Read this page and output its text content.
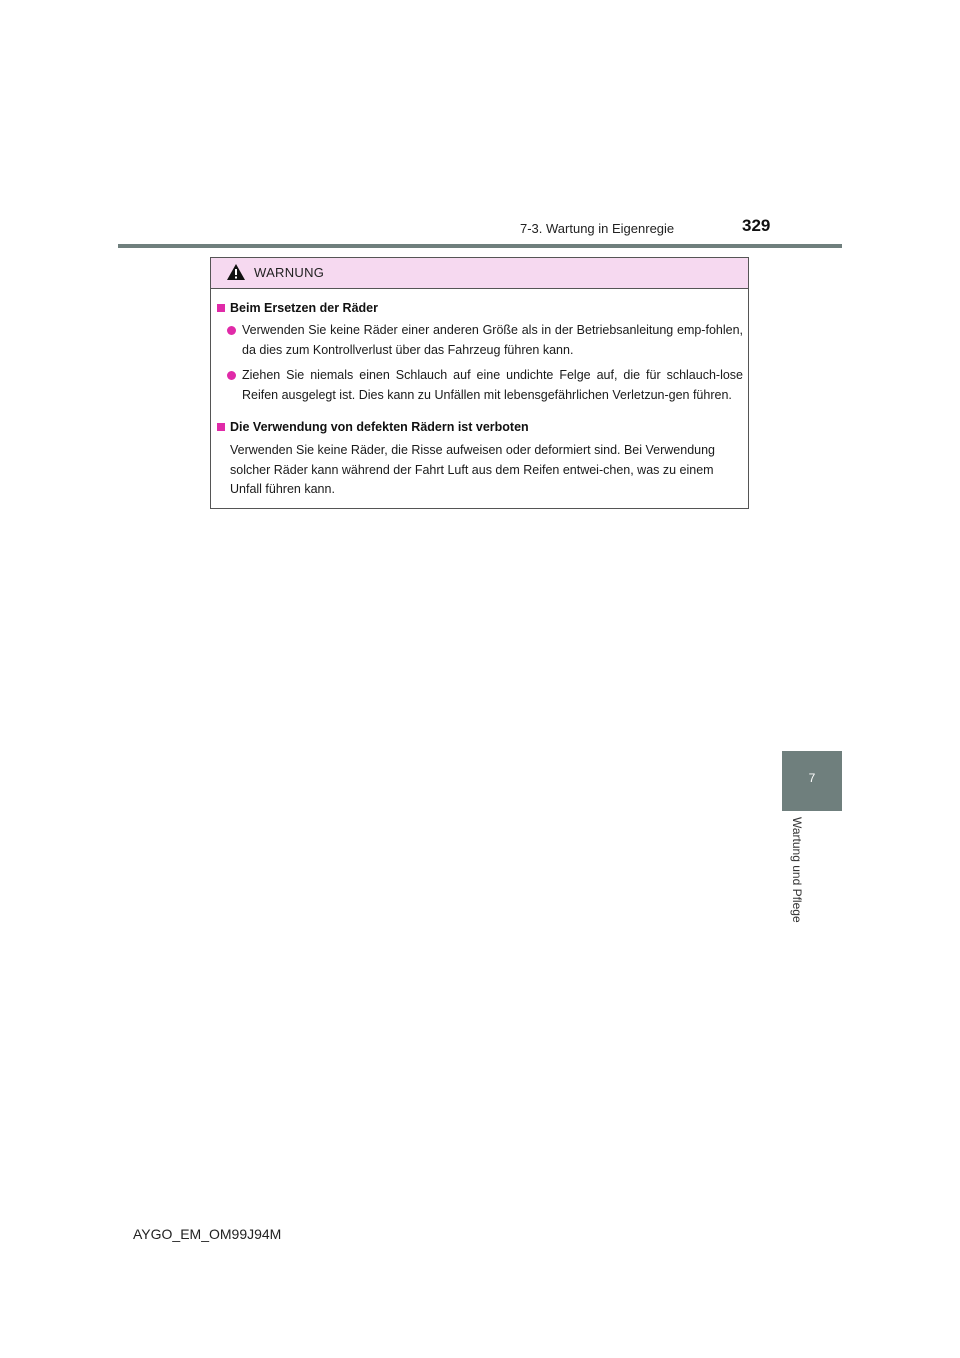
7-3. Wartung in Eigenregie	329
WARNUNG
Beim Ersetzen der Räder
Verwenden Sie keine Räder einer anderen Größe als in der Betriebsanleitung emp-fohlen, da dies zum Kontrollverlust über das Fahrzeug führen kann.
Ziehen Sie niemals einen Schlauch auf eine undichte Felge auf, die für schlauch-lose Reifen ausgelegt ist. Dies kann zu Unfällen mit lebensgefährlichen Verletzun-gen führen.
Die Verwendung von defekten Rädern ist verboten
Verwenden Sie keine Räder, die Risse aufweisen oder deformiert sind. Bei Verwendung solcher Räder kann während der Fahrt Luft aus dem Reifen entwei-chen, was zu einem Unfall führen kann.
7
Wartung und Pflege
AYGO_EM_OM99J94M
